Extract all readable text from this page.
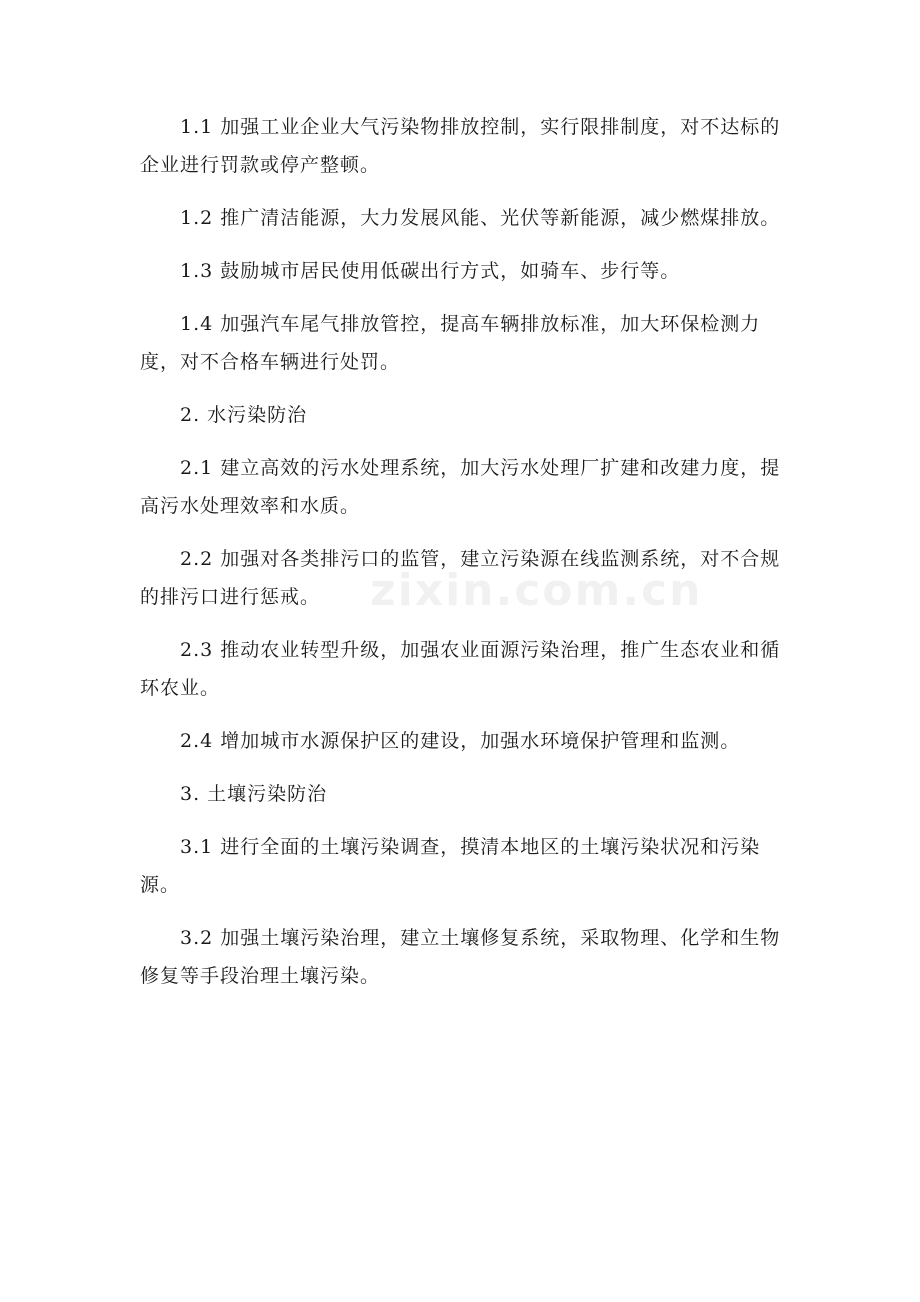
zixin.com.cn

1.1 加强工业企业大气污染物排放控制，实行限排制度，对不达标的企业进行罚款或停产整顿。

1.2 推广清洁能源，大力发展风能、光伏等新能源，减少燃煤排放。

1.3 鼓励城市居民使用低碳出行方式，如骑车、步行等。

1.4 加强汽车尾气排放管控，提高车辆排放标准，加大环保检测力度，对不合格车辆进行处罚。

2. 水污染防治

2.1 建立高效的污水处理系统，加大污水处理厂扩建和改建力度，提高污水处理效率和水质。

2.2 加强对各类排污口的监管，建立污染源在线监测系统，对不合规的排污口进行惩戒。

2.3 推动农业转型升级，加强农业面源污染治理，推广生态农业和循环农业。

2.4 增加城市水源保护区的建设，加强水环境保护管理和监测。

3. 土壤污染防治

3.1 进行全面的土壤污染调查，摸清本地区的土壤污染状况和污染源。

3.2 加强土壤污染治理，建立土壤修复系统，采取物理、化学和生物修复等手段治理土壤污染。
